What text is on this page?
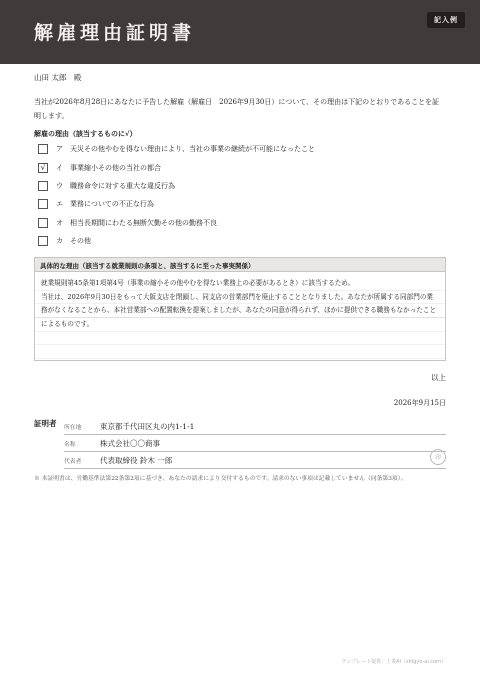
解雇理由証明書
記入例
山田 太郎　殿
当社が2026年8月28日にあなたに予告した解雇（解雇日　2026年9月30日）について、その理由は下記のとおりであることを証明します。
解雇の理由（該当するものに√）
ア	天災その他やむを得ない理由により、当社の事業の継続が不可能になったこと
√	イ	事業縮小その他の当社の都合
ウ	職務命令に対する重大な違反行為
エ	業務についての不正な行為
オ	相当長期間にわたる無断欠勤その他の勤務不良
カ	その他
具体的な理由（該当する就業規則の条項と、該当するに至った事実関係）
就業規則第45条第1項第4号（事業の縮小その他やむを得ない業務上の必要があるとき）に該当するため。
当社は、2026年9月30日をもって大阪支店を閉鎖し、同支店の営業部門を廃止することとなりました。あなたが所属する同部門の業務がなくなることから、本社営業部への配置転換を提案しましたが、あなたの同意が得られず、ほかに提供できる職務もなかったことによるものです。
以上
2026年9月15日
証明者 所在地	東京都千代田区丸の内1-1-1
名称	株式会社〇〇商事
代表者	代表取締役 鈴木 一郎	印
※ 本証明書は、労働基準法第22条第2項に基づき、あなたの請求により交付するものです。請求のない事項は記載していません（同条第3項）。
テンプレート提供：士業AI（shigyo-ai.com）
